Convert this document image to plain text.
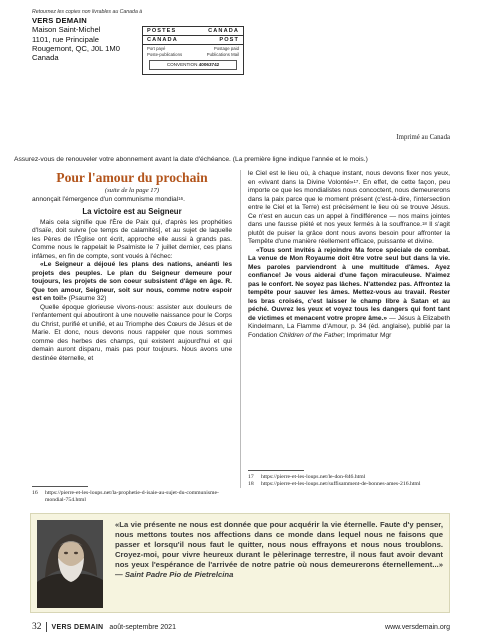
Retournez les copies non livrables au Canada à
VERS DEMAIN
Maison Saint-Michel
1101, rue Principale
Rougemont, QC, J0L 1M0
Canada
POSTES	CANADA
CANADA	POST
Port payé	Postage paid
Poste-publications	Publications Mail
CONVENTION 40063742
Imprimé au Canada
Assurez-vous de renouveler votre abonnement avant la date d'échéance. (La première ligne indique l'année et le mois.)
Pour l'amour du prochain
(suite de la page 17)

annonçait l'émergence d'un communisme mondial$^{16}$.

La victoire est au Seigneur

Mais cela signifie que l'Ère de Paix qui, d'après les prophéties d'Isaïe, doit suivre [ce temps de calamités], et au sujet de laquelle les Pères de l'Église ont écrit, approche elle aussi à grands pas. Comme nous le rappelait le Psalmiste le 7 juillet dernier, ces plans infâmes, en fin de compte, sont voués à l'échec:

«Le Seigneur a déjoué les plans des nations, anéanti les projets des peuples. Le plan du Seigneur demeure pour toujours, les projets de son coeur subsistent d'âge en âge. R. Que ton amour, Seigneur, soit sur nous, comme notre espoir est en toi!» (Psaume 32)

Quelle époque glorieuse vivons-nous: assister aux douleurs de l'enfantement qui aboutiront à une nouvelle naissance pour le Corps du Christ, purifié et unifié, et au Triomphe des Cœurs de Jésus et de Marie. Et donc, nous devons nous rappeler que nous sommes comme des herbes des champs, qui existent aujourd'hui et qui demain auront disparu, mais pas pour toujours. Nous avons une destinée éternelle, et

le Ciel est le lieu où, à chaque instant, nous devons fixer nos yeux, en «vivant dans la Divine Volonté»$^{17}$. En effet, de cette façon, peu importe ce que les mondialistes nous concoctent, nous demeurerons dans la paix parce que le moment présent (c'est-à-dire, l'intersection entre le Ciel et la Terre) est précisément le lieu où se trouve Jésus. Ce n'est en aucun cas un appel à l'indifférence — nos mains jointes dans une fausse piété et nos yeux fermés à la souffrance.$^{18}$ Il s'agit plutôt de puiser la grâce dont nous avons besoin pour affronter la Tempête d'une manière réellement efficace, puissante et divine.

«Tous sont invités à rejoindre Ma force spéciale de combat. La venue de Mon Royaume doit être votre seul but dans la vie. Mes paroles parviendront à une multitude d'âmes. Ayez confiance! Je vous aiderai d'une façon miraculeuse. N'aimez pas le confort. Ne soyez pas lâches. N'attendez pas. Affrontez la tempête pour sauver les âmes. Mettez-vous au travail. Rester les bras croisés, c'est laisser le champ libre à Satan et au péché. Ouvrez les yeux et voyez tous les dangers qui font tant de victimes et menacent votre propre âme.» — Jésus à Elizabeth Kindelmann, La Flamme d'Amour, p. 34 (éd. anglaise), publié par la Fondation Children of the Father; Imprimatur Mgr

16	https://pierre-et-les-loups.net/la-prophetie-d-isaie-au-sujet-du-communisme-mondial-754.html
17	https://pierre-et-les-loups.net/le-don-846.html
18	https://pierre-et-les-loups.net/suffisamment-de-bonnes-ames-216.html
«La vie présente ne nous est donnée que pour acquérir la vie éternelle. Faute d'y penser, nous mettons toutes nos affections dans ce monde dans lequel nous ne faisons que passer et lorsqu'il nous faut le quitter, nous nous effrayons et nous nous troublons. Croyez-moi, pour vivre heureux durant le pèlerinage terrestre, il nous faut avoir devant nos yeux l'espérance de l'arrivée de notre patrie où nous demeurerons éternellement...» — Saint Padre Pio de Pietrelcina
32	VERS DEMAIN août-septembre 2021	www.versdemain.org
